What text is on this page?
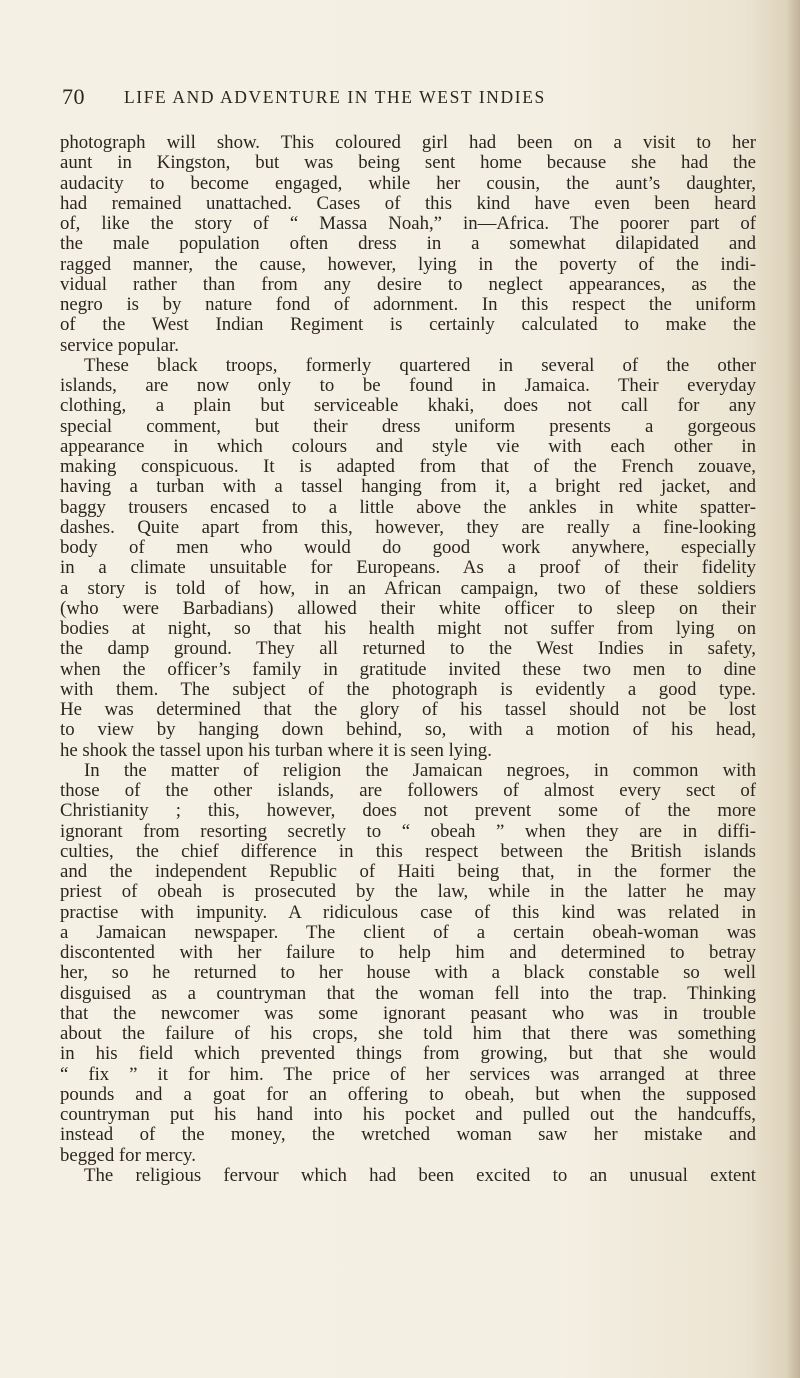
70 LIFE AND ADVENTURE IN THE WEST INDIES
photograph will show. This coloured girl had been on a visit to her
aunt in Kingston, but was being sent home because she had the
audacity to become engaged, while her cousin, the aunt’s daughter,
had remained unattached. Cases of this kind have even been heard
of, like the story of “ Massa Noah,” in—Africa. The poorer part of
the male population often dress in a somewhat dilapidated and
ragged manner, the cause, however, lying in the poverty of the indi-
vidual rather than from any desire to neglect appearances, as the
negro is by nature fond of adornment. In this respect the uniform
of the West Indian Regiment is certainly calculated to make the
service popular.
These black troops, formerly quartered in several of the other
islands, are now only to be found in Jamaica. Their everyday
clothing, a plain but serviceable khaki, does not call for any
special comment, but their dress uniform presents a gorgeous
appearance in which colours and style vie with each other in
making conspicuous. It is adapted from that of the French zouave,
having a turban with a tassel hanging from it, a bright red jacket, and
baggy trousers encased to a little above the ankles in white spatter-
dashes. Quite apart from this, however, they are really a fine-looking
body of men who would do good work anywhere, especially
in a climate unsuitable for Europeans. As a proof of their fidelity
a story is told of how, in an African campaign, two of these soldiers
(who were Barbadians) allowed their white officer to sleep on their
bodies at night, so that his health might not suffer from lying on
the damp ground. They all returned to the West Indies in safety,
when the officer’s family in gratitude invited these two men to dine
with them. The subject of the photograph is evidently a good type.
He was determined that the glory of his tassel should not be lost
to view by hanging down behind, so, with a motion of his head,
he shook the tassel upon his turban where it is seen lying.
In the matter of religion the Jamaican negroes, in common with
those of the other islands, are followers of almost every sect of
Christianity ; this, however, does not prevent some of the more
ignorant from resorting secretly to “ obeah ” when they are in diffi-
culties, the chief difference in this respect between the British islands
and the independent Republic of Haiti being that, in the former the
priest of obeah is prosecuted by the law, while in the latter he may
practise with impunity. A ridiculous case of this kind was related in
a Jamaican newspaper. The client of a certain obeah-woman was
discontented with her failure to help him and determined to betray
her, so he returned to her house with a black constable so well
disguised as a countryman that the woman fell into the trap. Thinking
that the newcomer was some ignorant peasant who was in trouble
about the failure of his crops, she told him that there was something
in his field which prevented things from growing, but that she would
“ fix ” it for him. The price of her services was arranged at three
pounds and a goat for an offering to obeah, but when the supposed
countryman put his hand into his pocket and pulled out the handcuffs,
instead of the money, the wretched woman saw her mistake and
begged for mercy.
The religious fervour which had been excited to an unusual extent
